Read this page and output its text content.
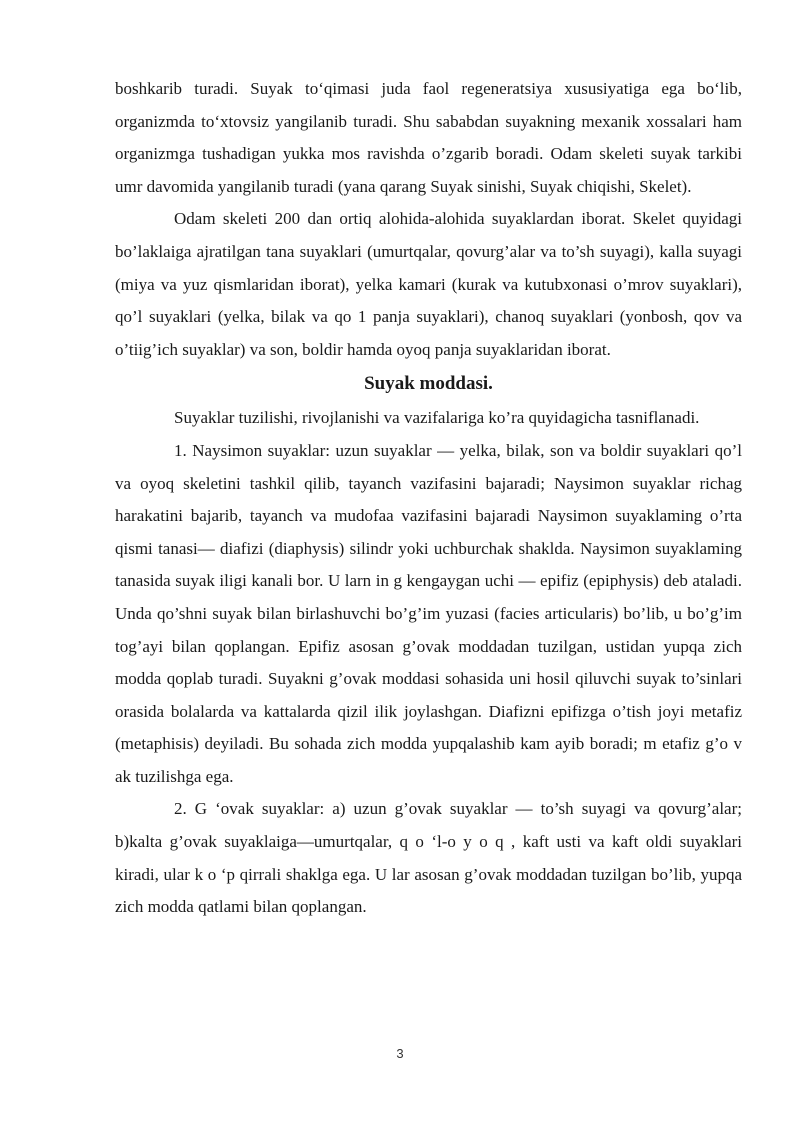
boshkarib turadi. Suyak to‘qimasi juda faol regeneratsiya xususiyatiga ega bo‘lib, organizmda to‘xtovsiz yangilanib turadi. Shu sababdan suyakning mexanik xossalari ham organizmga tushadigan yukka mos ravishda o’zgarib boradi. Odam skeleti suyak tarkibi umr davomida yangilanib turadi (yana qarang Suyak sinishi, Suyak chiqishi, Skelet).

Odam skeleti 200 dan ortiq alohida-alohida suyaklardan iborat. Skelet quyidagi bo’laklaiga ajratilgan tana suyaklari (umurtqalar, qovurg’alar va to’sh suyagi), kalla suyagi (miya va yuz qismlaridan iborat), yelka kamari (kurak va kutubxonasi o’mrov suyaklari), qo’l suyaklari (yelka, bilak va qo 1 panja suyaklari), chanoq suyaklari (yonbosh, qov va o’tiig’ich suyaklar) va son, boldir hamda oyoq panja suyaklaridan iborat.

Suyak moddasi.

Suyaklar tuzilishi, rivojlanishi va vazifalariga ko’ra quyidagicha tasniflanadi.

1. Naysimon suyaklar: uzun suyaklar — yelka, bilak, son va boldir suyaklari qo’l va oyoq skeletini tashkil qilib, tayanch vazifasini bajaradi; Naysimon suyaklar richag harakatini bajarib, tayanch va mudofaa vazifasini bajaradi Naysimon suyaklaming o’rta qismi tanasi— diafizi (diaphysis) silindr yoki uchburchak shaklda. Naysimon suyaklaming tanasida suyak iligi kanali bor. U larn in g kengaygan uchi — epifiz (epiphysis) deb ataladi. Unda qo’shni suyak bilan birlashuvchi bo’g’im yuzasi (facies articularis) bo’lib, u bo’g’im tog’ayi bilan qoplangan. Epifiz asosan g’ovak moddadan tuzilgan, ustidan yupqa zich modda qoplab turadi. Suyakni g’ovak moddasi sohasida uni hosil qiluvchi suyak to’sinlari orasida bolalarda va kattalarda qizil ilik joylashgan. Diafizni epifizga o’tish joyi metafiz (metaphisis) deyiladi. Bu sohada zich modda yupqalashib kam ayib boradi; m etafiz g’o v ak tuzilishga ega.

2. G ‘ovak suyaklar: a) uzun g’ovak suyaklar — to’sh suyagi va qovurg’alar; b)kalta g’ovak suyaklaiga—umurtqalar, q o ‘l-o y o q , kaft usti va kaft oldi suyaklari kiradi, ular k o ‘p qirrali shaklga ega. U lar asosan g’ovak moddadan tuzilgan bo’lib, yupqa zich modda qatlami bilan qoplangan.

3
